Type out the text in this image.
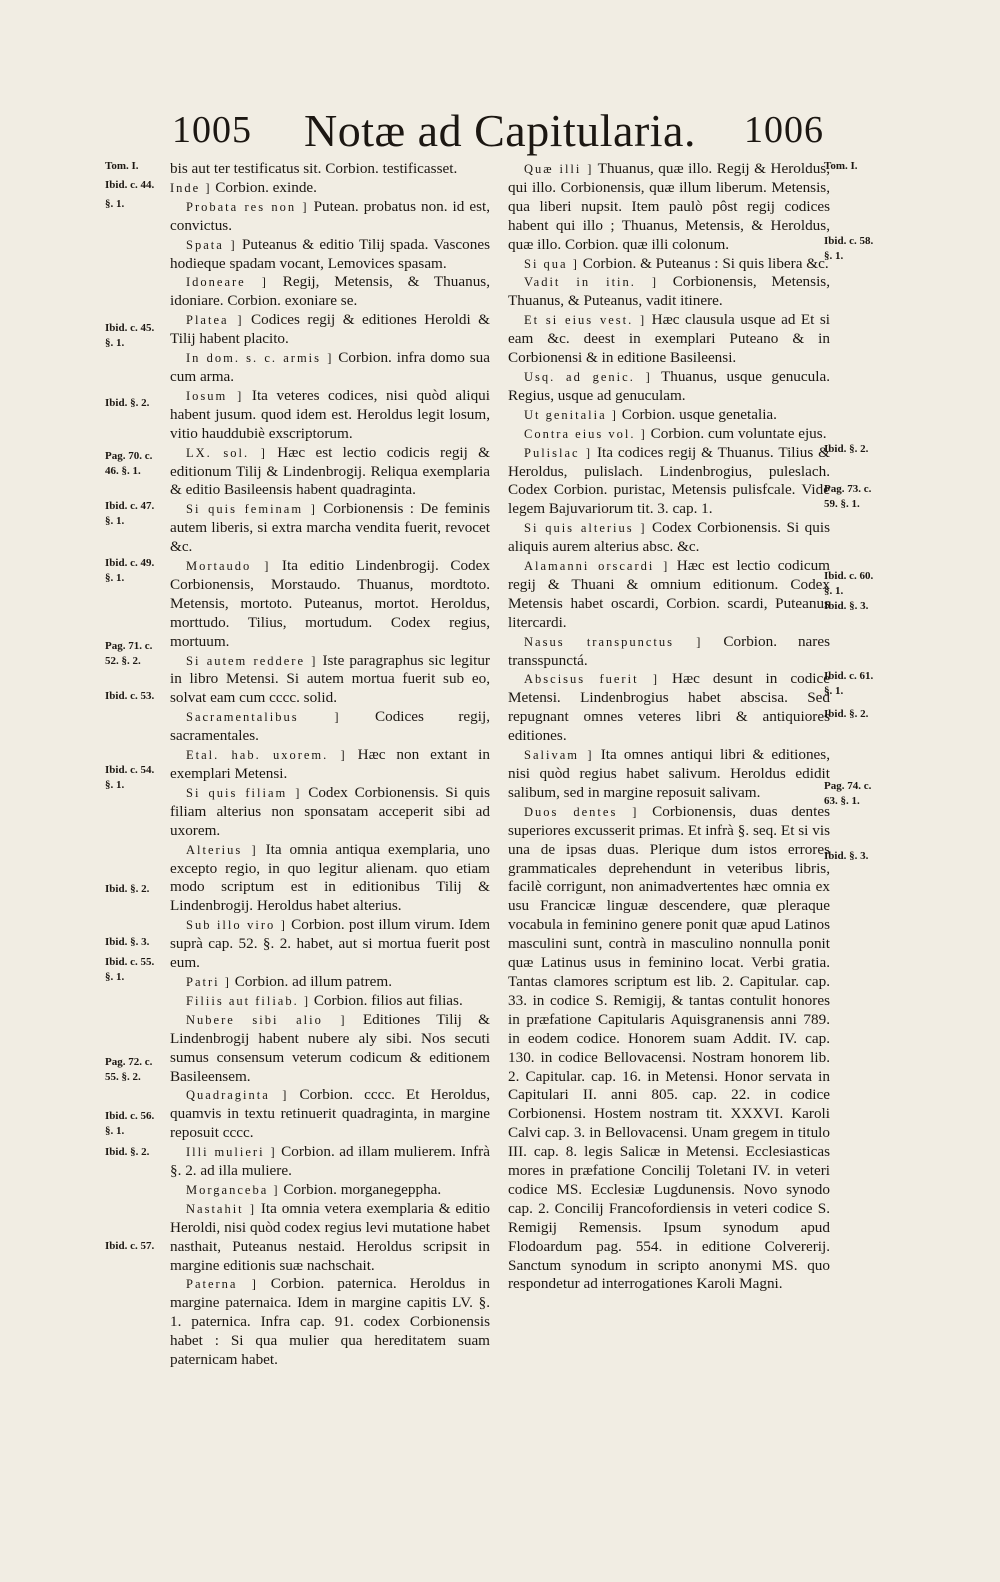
1005	Notæ ad Capitularia.	1006
Tom. I.
Ibid. c. 44.
§. 1.
Ibid. c. 45.
§. 1.
Ibid. §. 2.
Pag. 70. c.
46. §. 1.
Ibid. c. 47.
§. 1.
Ibid. c. 49.
§. 1.
Pag. 71. c.
52. §. 2.
Ibid. c. 53.
Ibid. c. 54.
§. 1.
Ibid. §. 2.
Ibid. §. 3.
Ibid. c. 55.
§. 1.
Pag. 72. c.
55. §. 2.
Ibid. c. 56.
§. 1.
Ibid. §. 2.
Ibid. c. 57.

bis aut ter testificatus sit. Corbion. testificasset.

Inde ] Corbion. exinde.

Probata res non ] Putean. probatus non. id est, convictus.

Spata ] Puteanus & editio Tilij spada. Vascones hodieque spadam vocant, Lemovices spasam.

Idoneare ] Regij, Metensis, & Thuanus, idoniare. Corbion. exoniare se.

Platea ] Codices regij & editiones Heroldi & Tilij habent placito.

In dom. s. c. armis ] Corbion. infra domo sua cum arma.

Iosum ] Ita veteres codices, nisi quòd aliqui habent jusum. quod idem est. Heroldus legit losum, vitio hauddubiè exscriptorum.

LX. sol. ] Hæc est lectio codicis regij & editionum Tilij & Lindenbrogij. Reliqua exemplaria & editio Basileensis habent quadraginta.

Si quis feminam ] Corbionensis : De feminis autem liberis, si extra marcha vendita fuerit, revocet &c.

Mortaudo ] Ita editio Lindenbrogij. Codex Corbionensis, Morstaudo. Thuanus, mordtoto. Metensis, mortoto. Puteanus, mortot. Heroldus, morttudo. Tilius, mortudum. Codex regius, mortuum.

Si autem reddere ] Iste paragraphus sic legitur in libro Metensi. Si autem mortua fuerit sub eo, solvat eam cum cccc. solid.

Sacramentalibus ] Codices regij, sacramentales.

Etal. hab. uxorem. ] Hæc non extant in exemplari Metensi.

Si quis filiam ] Codex Corbionensis. Si quis filiam alterius non sponsatam acceperit sibi ad uxorem.

Alterius ] Ita omnia antiqua exemplaria, uno excepto regio, in quo legitur alienam. quo etiam modo scriptum est in editionibus Tilij & Lindenbrogij. Heroldus habet alterius.

Sub illo viro ] Corbion. post illum virum. Idem suprà cap. 52. §. 2. habet, aut si mortua fuerit post eum.

Patri ] Corbion. ad illum patrem.

Filiis aut filiab. ] Corbion. filios aut filias.

Nubere sibi alio ] Editiones Tilij & Lindenbrogij habent nubere aly sibi. Nos secuti sumus consensum veterum codicum & editionem Basileensem.

Quadraginta ] Corbion. cccc. Et Heroldus, quamvis in textu retinuerit quadraginta, in margine reposuit cccc.

Illi mulieri ] Corbion. ad illam mulierem. Infrà §. 2. ad illa muliere.

Morganceba ] Corbion. morganegeppha.

Nastahit ] Ita omnia vetera exemplaria & editio Heroldi, nisi quòd codex regius levi mutatione habet nasthait, Puteanus nestaid. Heroldus scripsit in margine editionis suæ nachschait.

Paterna ] Corbion. paternica. Heroldus in margine paternaica. Idem in margine capitis LV. §. 1. paternica. Infra cap. 91. codex Corbionensis habet : Si qua mulier qua hereditatem suam paternicam habet.

Quæ illi ] Thuanus, quæ illo. Regij & Heroldus, qui illo. Corbionensis, quæ illum liberum. Metensis, qua liberi nupsit. Item paulò pôst regij codices habent qui illo ; Thuanus, Metensis, & Heroldus, quæ illo. Corbion. quæ illi colonum.

Si qua ] Corbion. & Puteanus : Si quis libera &c.

Vadit in itin. ] Corbionensis, Metensis, Thuanus, & Puteanus, vadit itinere.

Et si eius vest. ] Hæc clausula usque ad Et si eam &c. deest in exemplari Puteano & in Corbionensi & in editione Basileensi.

Usq. ad genic. ] Thuanus, usque genucula. Regius, usque ad genuculam.

Ut genitalia ] Corbion. usque genetalia.

Contra eius vol. ] Corbion. cum voluntate ejus.

Pulislac ] Ita codices regij & Thuanus. Tilius & Heroldus, pulislach. Lindenbrogius, puleslach. Codex Corbion. puristac, Metensis pulisfcale. Vide legem Bajuvariorum tit. 3. cap. 1.

Si quis alterius ] Codex Corbionensis. Si quis aliquis aurem alterius absc. &c.

Alamanni orscardi ] Hæc est lectio codicum regij & Thuani & omnium editionum. Codex Metensis habet oscardi, Corbion. scardi, Puteanus litercardi.

Nasus transpunctus ] Corbion. nares transspunctá.

Abscisus fuerit ] Hæc desunt in codice Metensi. Lindenbrogius habet abscisa. Sed repugnant omnes veteres libri & antiquiores editiones.

Salivam ] Ita omnes antiqui libri & editiones, nisi quòd regius habet salivum. Heroldus edidit salibum, sed in margine reposuit salivam.

Duos dentes ] Corbionensis, duas dentes superiores excusserit primas. Et infrà §. seq. Et si vis una de ipsas duas. Plerique dum istos errores grammaticales deprehendunt in veteribus libris, facilè corrigunt, non animadvertentes hæc omnia ex usu Francicæ linguæ descendere, quæ pleraque vocabula in feminino genere ponit quæ apud Latinos masculini sunt, contrà in masculino nonnulla ponit quæ Latinus usus in feminino locat. Verbi gratia. Tantas clamores scriptum est lib. 2. Capitular. cap. 33. in codice S. Remigij, & tantas contulit honores in præfatione Capitularis Aquisgranensis anni 789. in eodem codice. Honorem suam Addit. IV. cap. 130. in codice Bellovacensi. Nostram honorem lib. 2. Capitular. cap. 16. in Metensi. Honor servata in Capitulari II. anni 805. cap. 22. in codice Corbionensi. Hostem nostram tit. XXXVI. Karoli Calvi cap. 3. in Bellovacensi. Unam gregem in titulo III. cap. 8. legis Salicæ in Metensi. Ecclesiasticas mores in præfatione Concilij Toletani IV. in veteri codice MS. Ecclesiæ Lugdunensis. Novo synodo cap. 2. Concilij Francofordiensis in veteri codice S. Remigij Remensis. Ipsum synodum apud Flodoardum pag. 554. in editione Colvererij. Sanctum synodum in scripto anonymi MS. quo respondetur ad interrogationes Karoli Magni.

Tom. I.
Ibid. c. 58.
§. 1.
Ibid. §. 2.
Pag. 73. c.
59. §. 1.
Ibid. c. 60.
§. 1.
Ibid. §. 3.
Ibid. c. 61.
§. 1.
Ibid. §. 2.
Pag. 74. c.
63. §. 1.
Ibid. §. 3.
